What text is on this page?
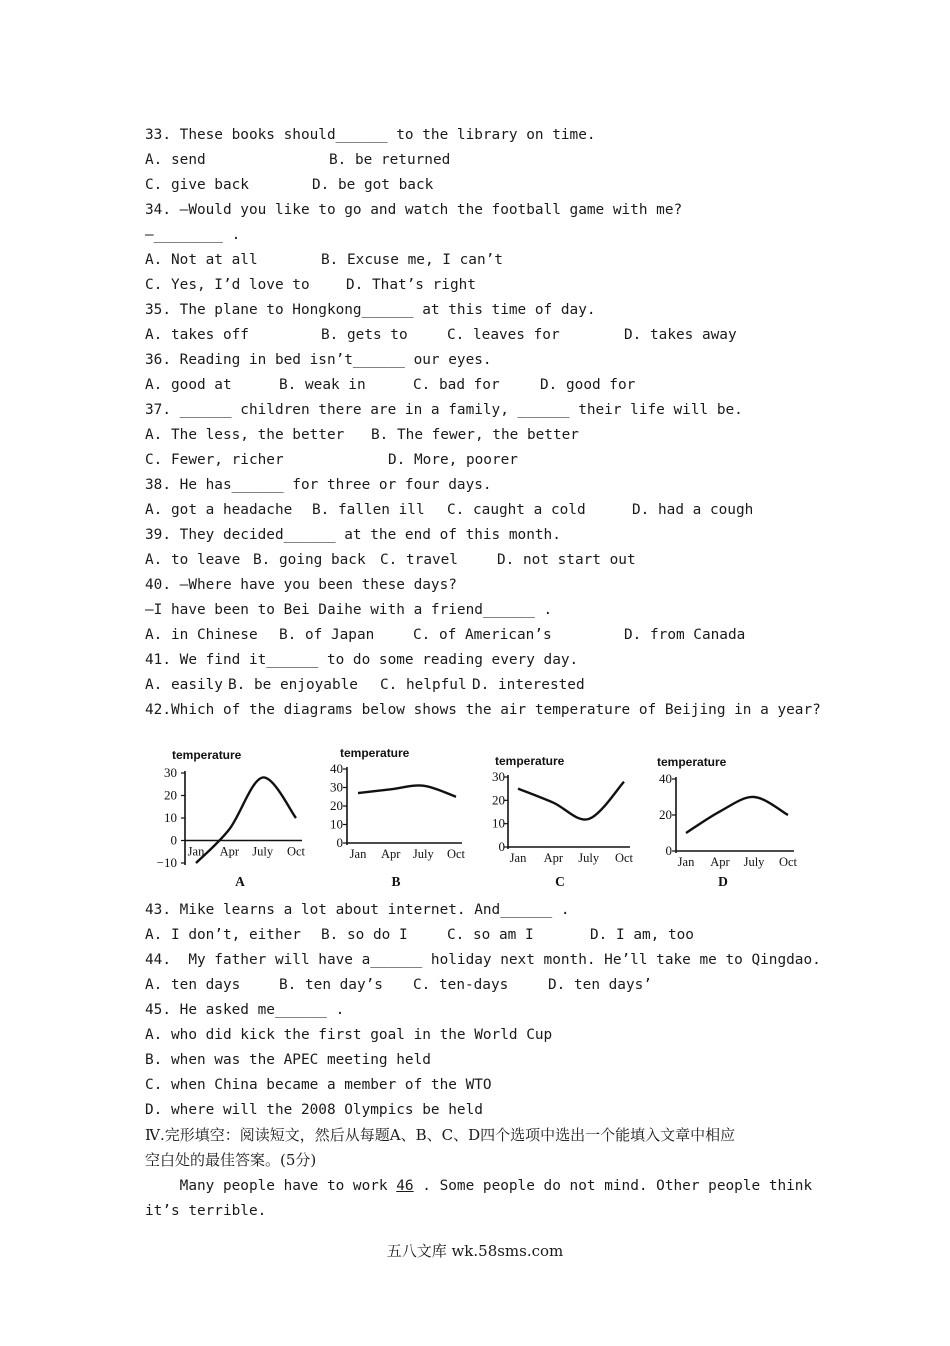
33. These books should______ to the library on time.
A. send	B. be returned
C. give back	D. be got back
34. —Would you like to go and watch the football game with me?
—________ .
A. Not at all	B. Excuse me, I can’t
C. Yes, I’d love to	D. That’s right
35. The plane to Hongkong______ at this time of day.
A. takes off	B. gets to	C. leaves for	D. takes away
36. Reading in bed isn’t______ our eyes.
A. good at	B. weak in	C. bad for	D. good for
37. ______ children there are in a family, ______ their life will be.
A. The less, the better B. The fewer, the better
C. Fewer, richer	D. More, poorer
38. He has______ for three or four days.
A. got a headache B. fallen ill C. caught a cold	D. had a cough
39. They decided______ at the end of this month.
A. to leave B. going back C. travel	D. not start out
40. —Where have you been these days?
—I have been to Bei Daihe with a friend______ .
A. in Chinese B. of Japan	C. of American’s	D. from Canada
41. We find it______ to do some reading every day.
A. easily B. be enjoyable C. helpful D. interested
42.Which of the diagrams below shows the air temperature of Beijing in a year?
temperature
30
20
10
0
−10
Jan Apr July Oct
A
temperature
40
30
20
10
0
Jan Apr July Oct
B
temperature
30
20
10
0
Jan Apr July Oct
C
temperature
40
20
0
Jan Apr July Oct
D
43. Mike learns a lot about internet. And______ .
A. I don’t, either B. so do I	C. so am I	D. I am, too
44.  My father will have a______ holiday next month. He’ll take me to Qingdao.
A. ten days	B. ten day’s C. ten-days	D. ten days’
45. He asked me______ .
A. who did kick the first goal in the World Cup
B. when was the APEC meeting held
C. when China became a member of the WTO
D. where will the 2008 Olympics be held
Ⅳ.完形填空：阅读短文，然后从每题A、B、C、D四个选项中选出一个能填入文章中相应
空白处的最佳答案。(5分)
Many people have to work 46 . Some people do not mind. Other people think
it’s terrible.
五八文库 wk.58sms.com
